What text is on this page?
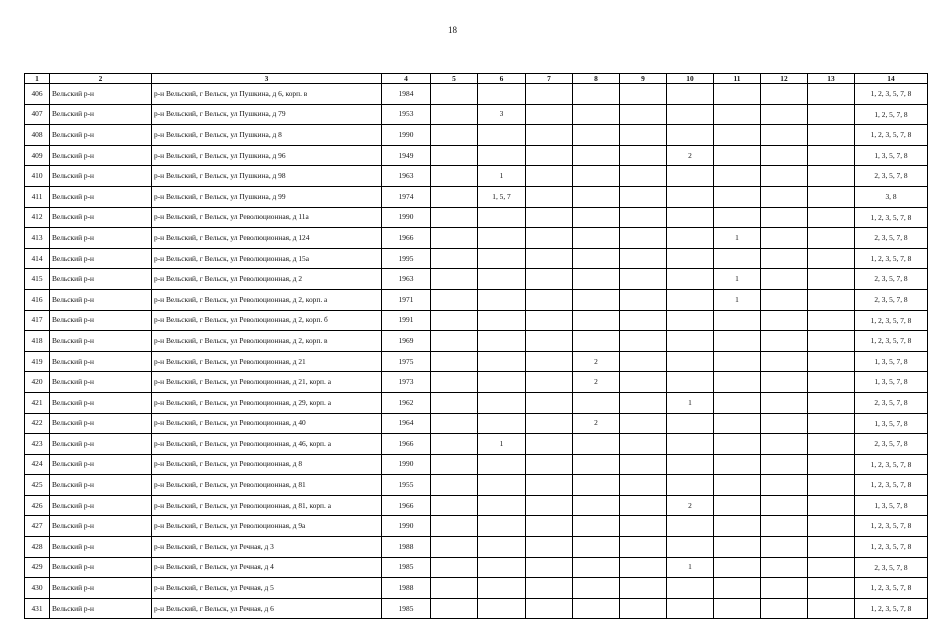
18
1	2	3	4	5	6	7	8	9	10	11	12	13	14
406	Вельский р-н	р-н Вельский, г Вельск, ул Пушкина, д 6, корп. в	1984										1, 2, 3, 5, 7, 8
407	Вельский р-н	р-н Вельский, г Вельск, ул Пушкина, д 79	1953		3								1, 2, 5, 7, 8
408	Вельский р-н	р-н Вельский, г Вельск, ул Пушкина, д 8	1990										1, 2, 3, 5, 7, 8
409	Вельский р-н	р-н Вельский, г Вельск, ул Пушкина, д 96	1949						2				1, 3, 5, 7, 8
410	Вельский р-н	р-н Вельский, г Вельск, ул Пушкина, д 98	1963		1								2, 3, 5, 7, 8
411	Вельский р-н	р-н Вельский, г Вельск, ул Пушкина, д 99	1974		1, 5, 7								3, 8
412	Вельский р-н	р-н Вельский, г Вельск, ул Революционная, д 11а	1990										1, 2, 3, 5, 7, 8
413	Вельский р-н	р-н Вельский, г Вельск, ул Революционная, д 124	1966							1			2, 3, 5, 7, 8
414	Вельский р-н	р-н Вельский, г Вельск, ул Революционная, д 15а	1995										1, 2, 3, 5, 7, 8
415	Вельский р-н	р-н Вельский, г Вельск, ул Революционная, д 2	1963							1			2, 3, 5, 7, 8
416	Вельский р-н	р-н Вельский, г Вельск, ул Революционная, д 2, корп. а	1971							1			2, 3, 5, 7, 8
417	Вельский р-н	р-н Вельский, г Вельск, ул Революционная, д 2, корп. б	1991										1, 2, 3, 5, 7, 8
418	Вельский р-н	р-н Вельский, г Вельск, ул Революционная, д 2, корп. в	1969										1, 2, 3, 5, 7, 8
419	Вельский р-н	р-н Вельский, г Вельск, ул Революционная, д 21	1975				2						1, 3, 5, 7, 8
420	Вельский р-н	р-н Вельский, г Вельск, ул Революционная, д 21, корп. а	1973				2						1, 3, 5, 7, 8
421	Вельский р-н	р-н Вельский, г Вельск, ул Революционная, д 29, корп. а	1962						1				2, 3, 5, 7, 8
422	Вельский р-н	р-н Вельский, г Вельск, ул Революционная, д 40	1964				2						1, 3, 5, 7, 8
423	Вельский р-н	р-н Вельский, г Вельск, ул Революционная, д 46, корп. а	1966		1								2, 3, 5, 7, 8
424	Вельский р-н	р-н Вельский, г Вельск, ул Революционная, д 8	1990										1, 2, 3, 5, 7, 8
425	Вельский р-н	р-н Вельский, г Вельск, ул Революционная, д 81	1955										1, 2, 3, 5, 7, 8
426	Вельский р-н	р-н Вельский, г Вельск, ул Революционная, д 81, корп. а	1966						2				1, 3, 5, 7, 8
427	Вельский р-н	р-н Вельский, г Вельск, ул Революционная, д 9а	1990										1, 2, 3, 5, 7, 8
428	Вельский р-н	р-н Вельский, г Вельск, ул Речная, д 3	1988										1, 2, 3, 5, 7, 8
429	Вельский р-н	р-н Вельский, г Вельск, ул Речная, д 4	1985						1				2, 3, 5, 7, 8
430	Вельский р-н	р-н Вельский, г Вельск, ул Речная, д 5	1988										1, 2, 3, 5, 7, 8
431	Вельский р-н	р-н Вельский, г Вельск, ул Речная, д 6	1985										1, 2, 3, 5, 7, 8
